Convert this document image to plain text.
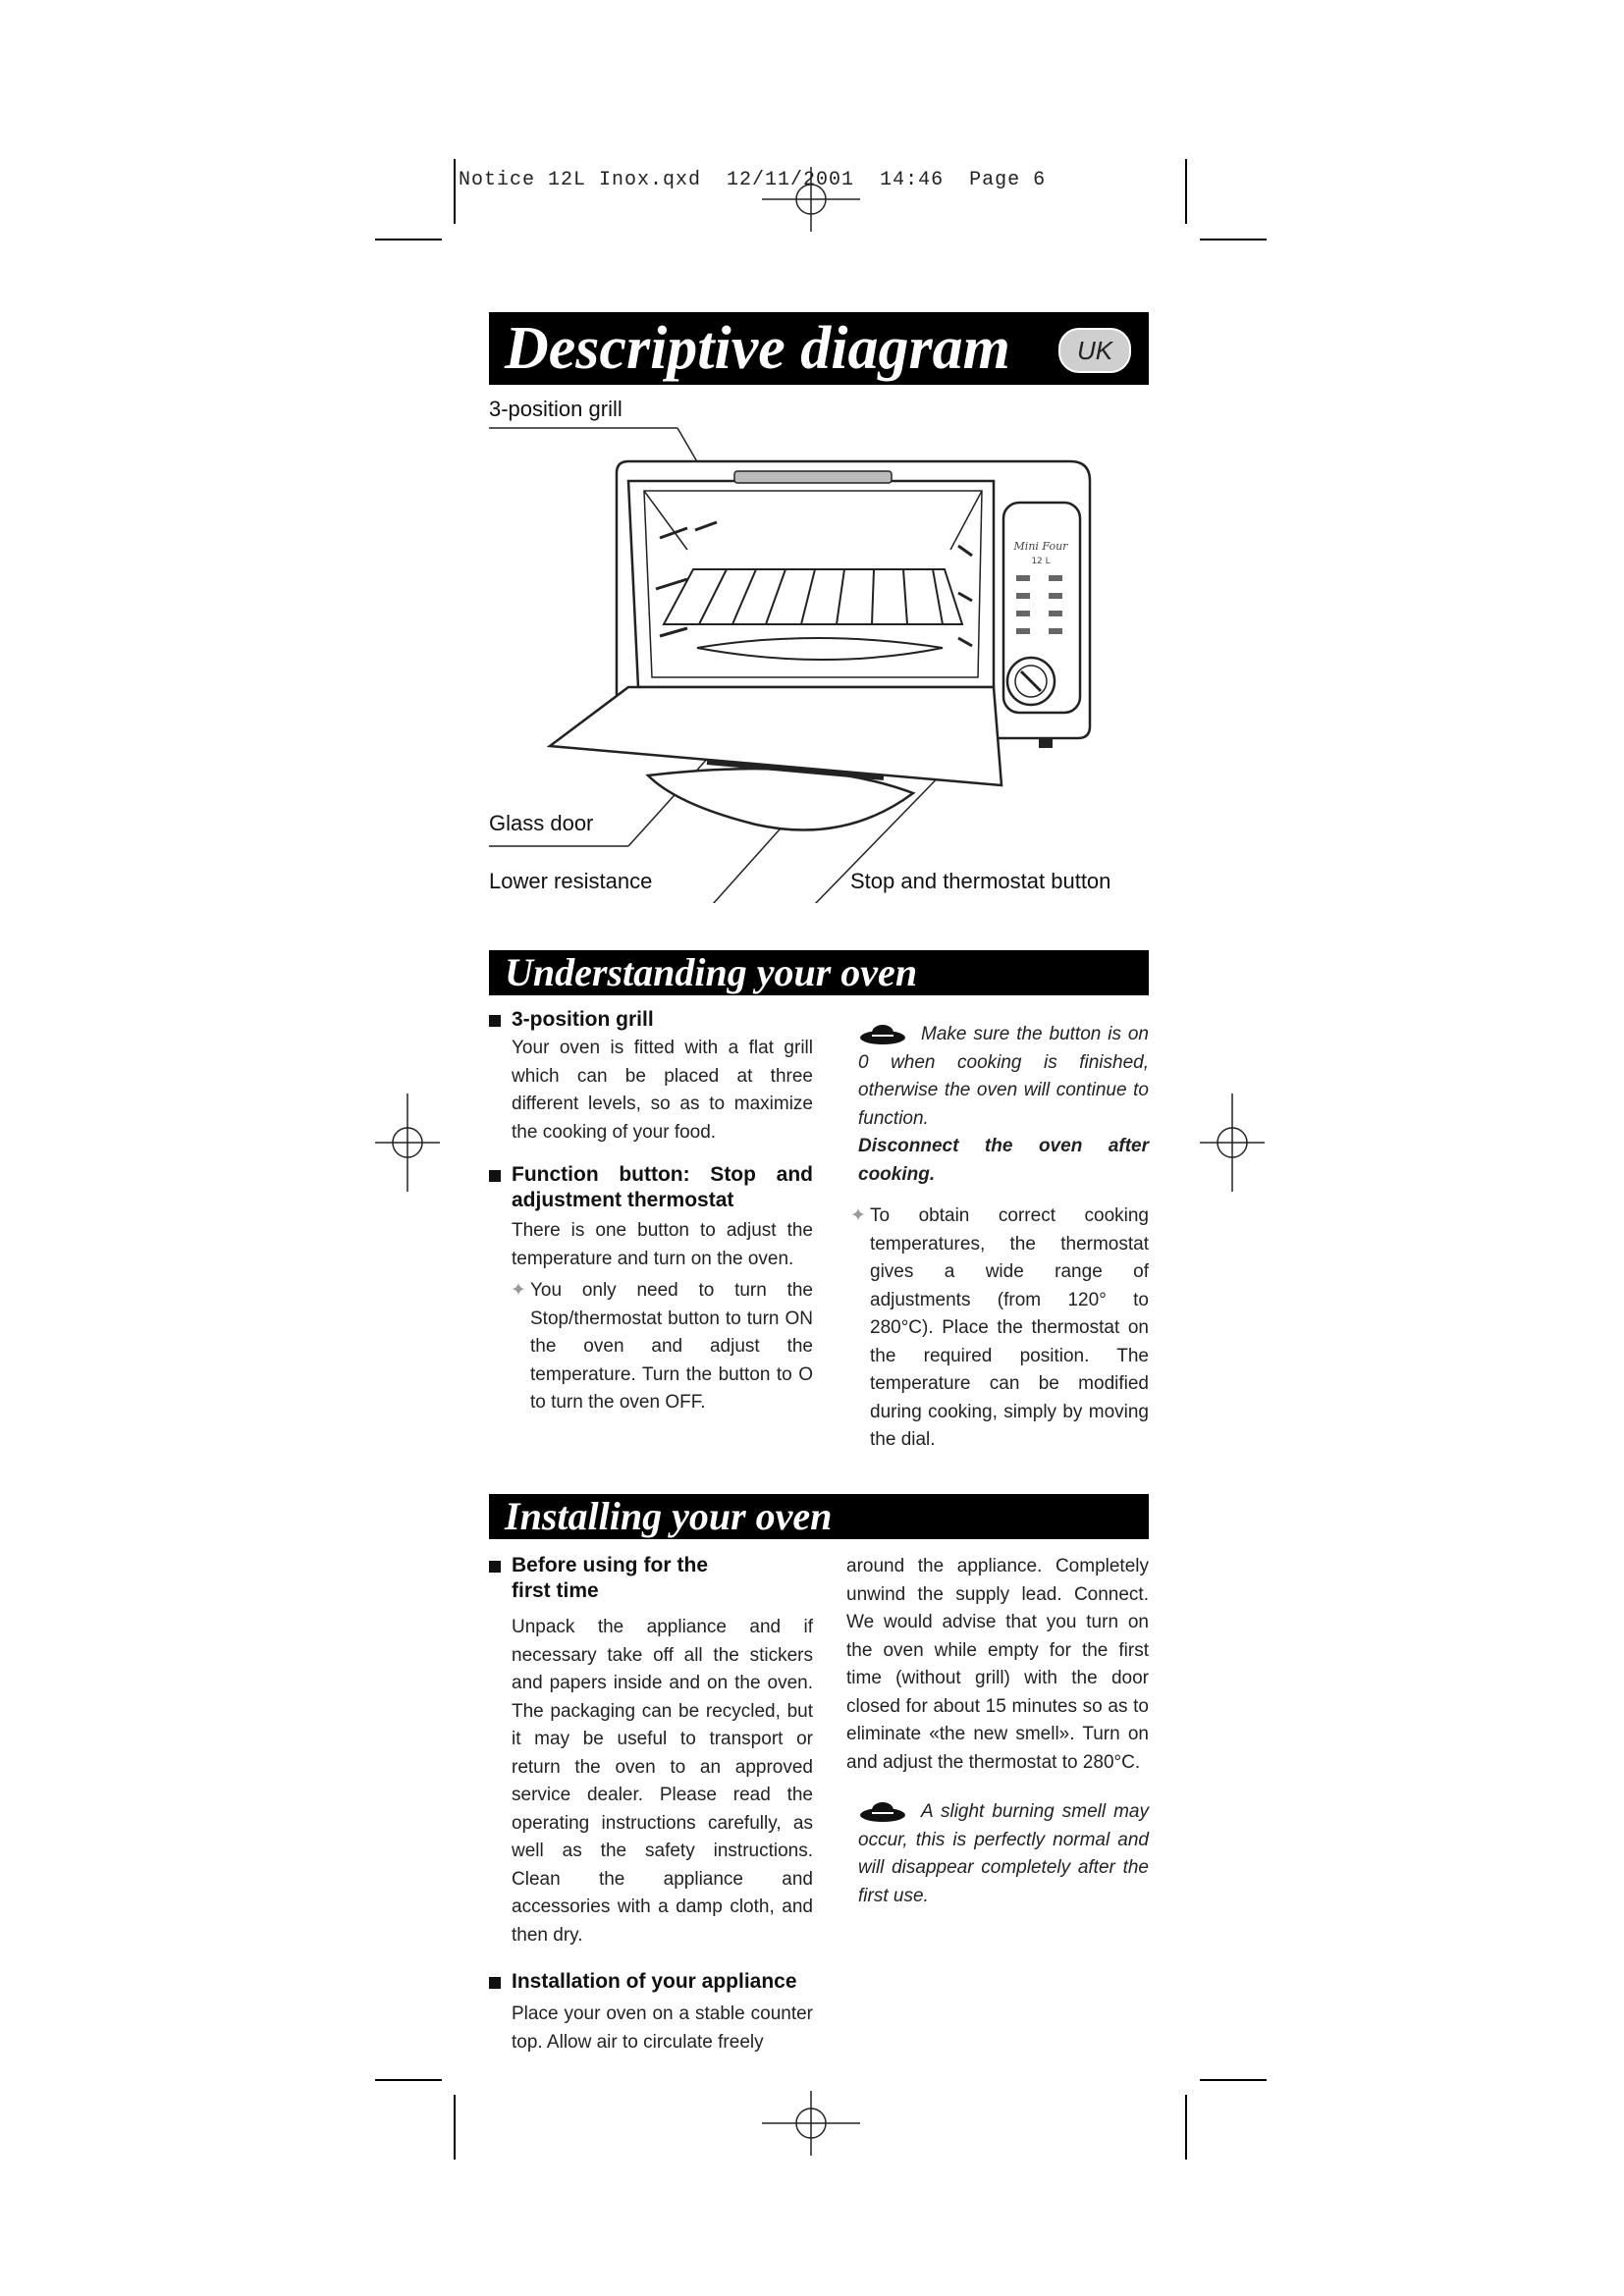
Notice 12L Inox.qxd  12/11/2001  14:46  Page 6
Descriptive diagram	UK
3-position grill
Glass door
Lower resistance	Stop and thermostat button
Mini Four
12 L
Understanding your oven
3-position grill
Your oven is fitted with a flat grill which can be placed at three different levels, so as to maximize the cooking of your food.
Function button: Stop and adjustment thermostat
There is one button to adjust the temperature and turn on the oven.
✦ You only need to turn the Stop/thermostat button to turn ON the oven and adjust the temperature. Turn the button to O to turn the oven OFF.
Make sure the button is on 0 when cooking is finished, otherwise the oven will continue to function.
Disconnect the oven after cooking.
✦ To obtain correct cooking temperatures, the thermostat gives a wide range of adjustments (from 120° to 280°C). Place the thermostat on the required position. The temperature can be modified during cooking, simply by moving the dial.
Installing your oven
Before using for the first time
Unpack the appliance and if necessary take off all the stickers and papers inside and on the oven. The packaging can be recycled, but it may be useful to transport or return the oven to an approved service dealer. Please read the operating instructions carefully, as well as the safety instructions. Clean the appliance and accessories with a damp cloth, and then dry.
Installation of your appliance
Place your oven on a stable counter top. Allow air to circulate freely
around the appliance. Completely unwind the supply lead. Connect. We would advise that you turn on the oven while empty for the first time (without grill) with the door closed for about 15 minutes so as to eliminate «the new smell». Turn on and adjust the thermostat to 280°C.
A slight burning smell may occur, this is perfectly normal and will disappear completely after the first use.
